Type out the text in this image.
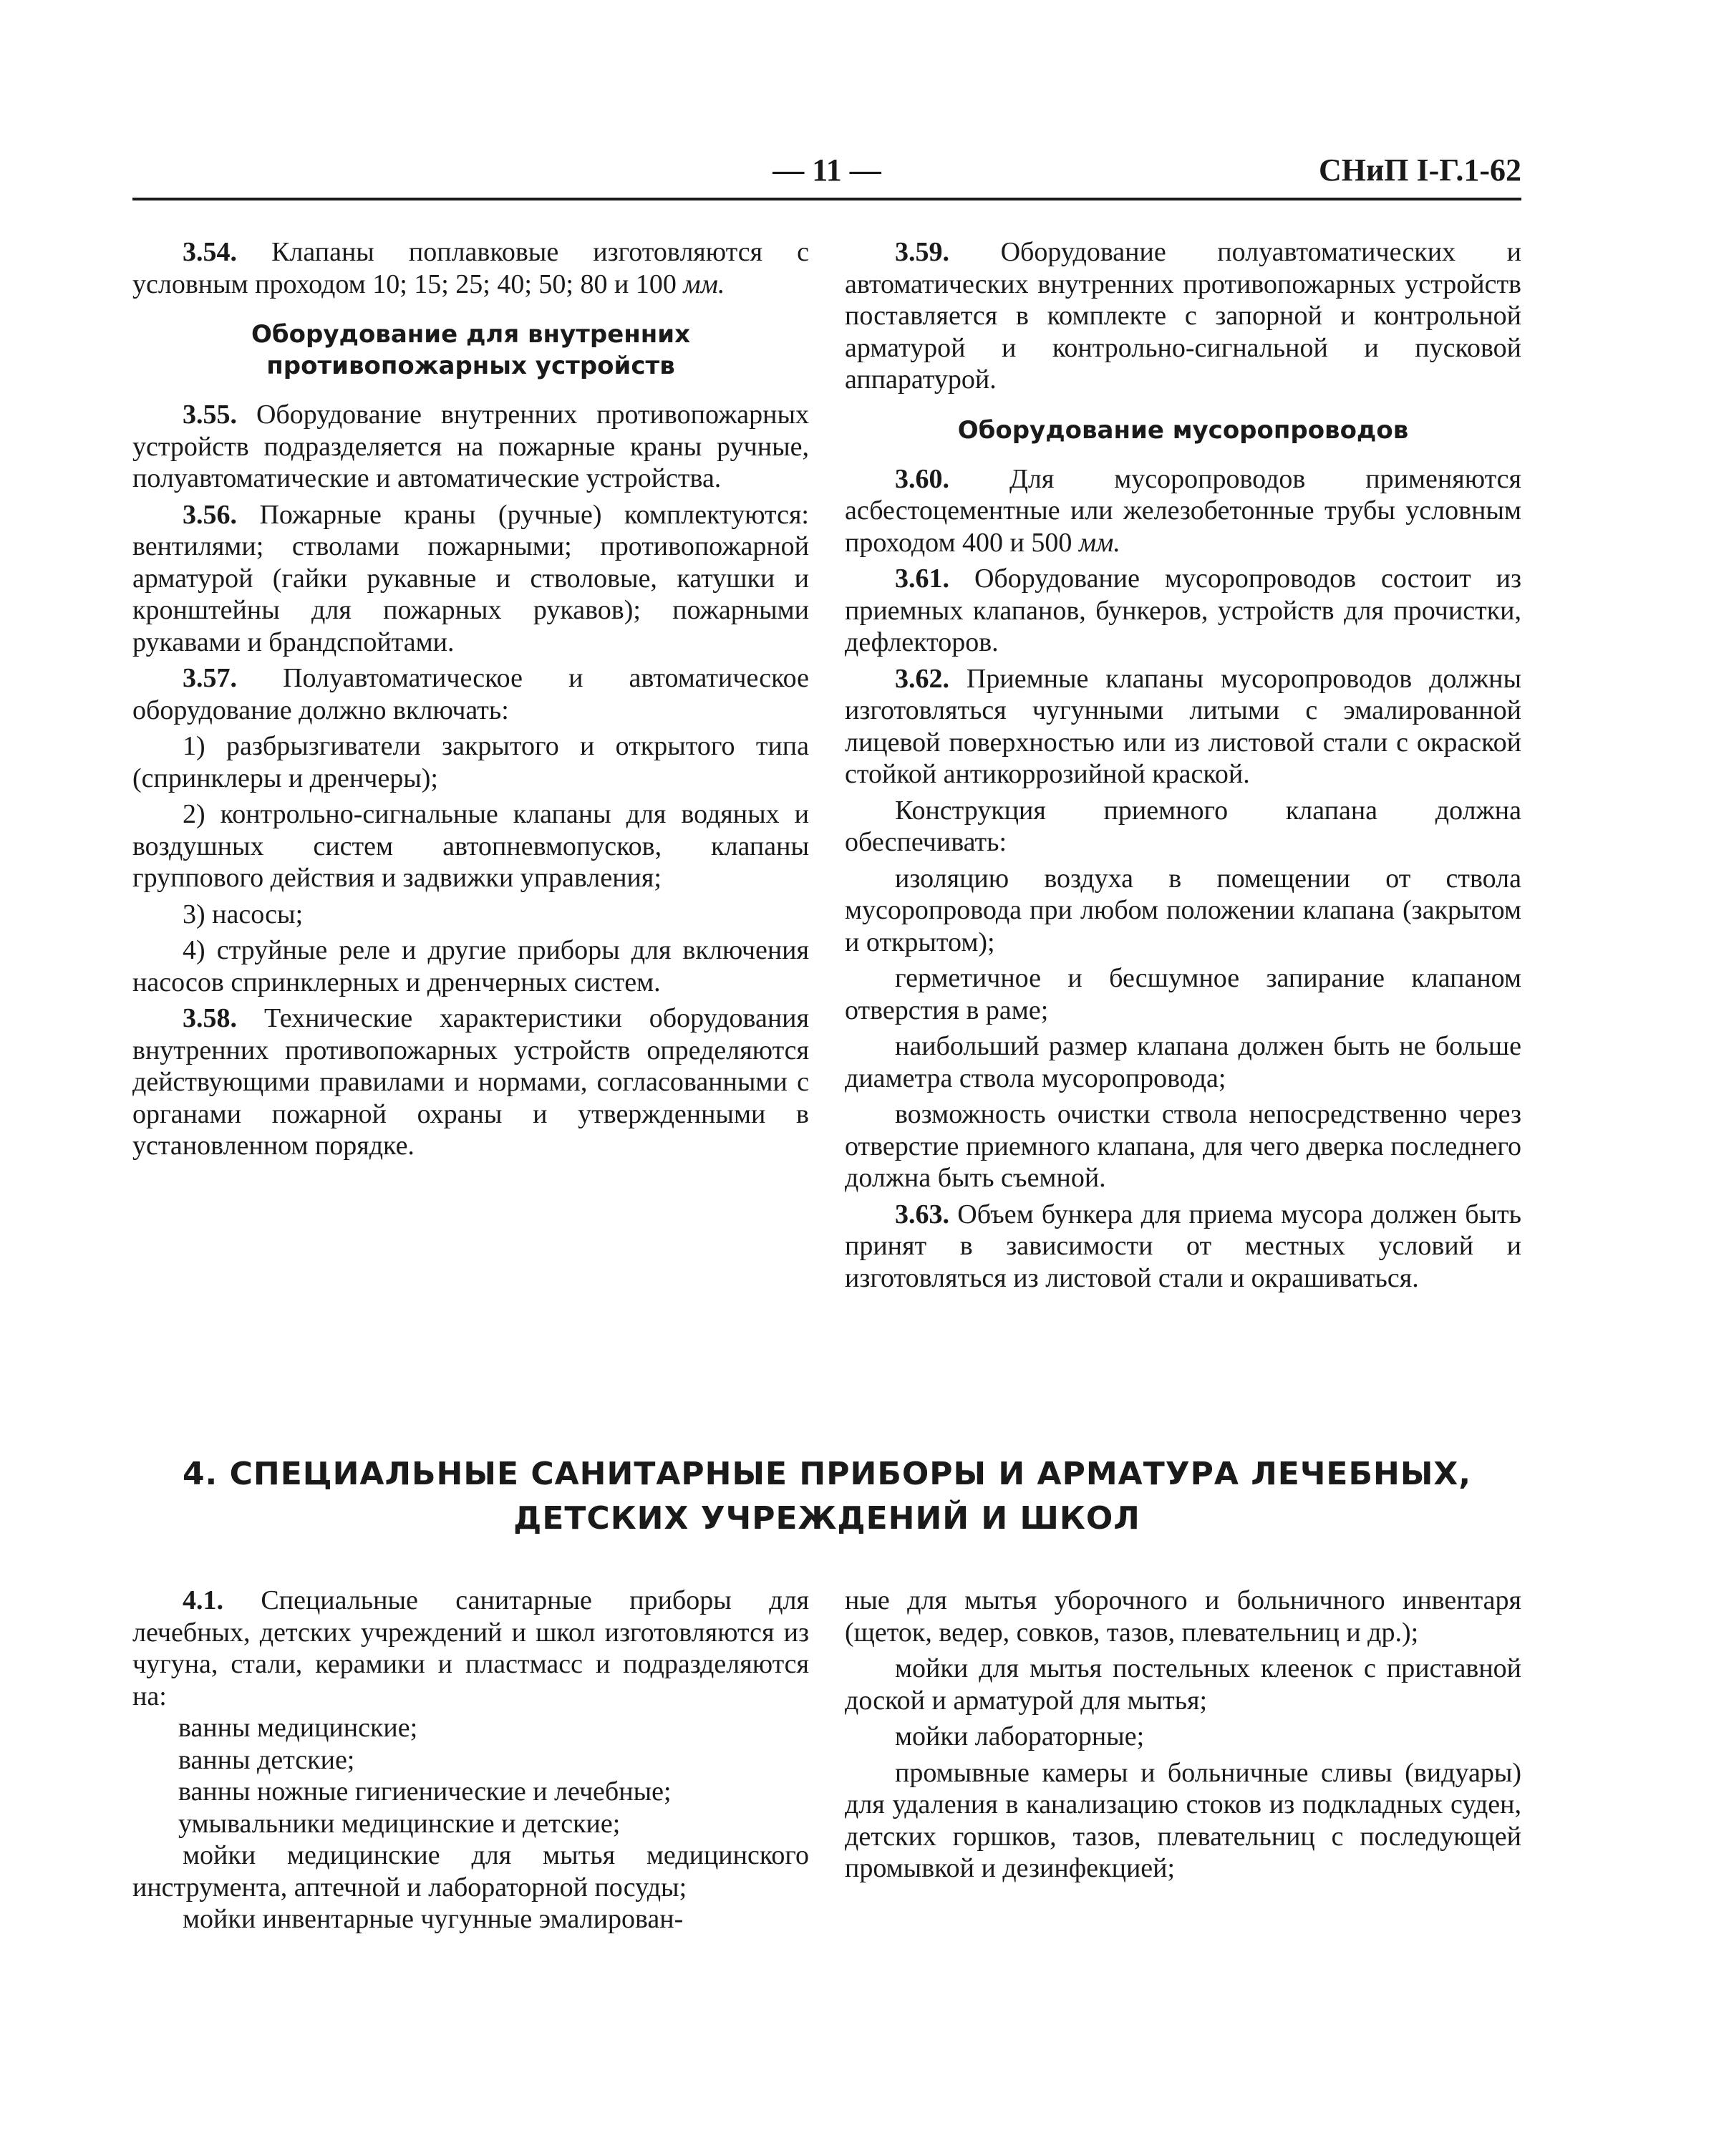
— 11 —	СНиП I-Г.1-62

3.54. Клапаны поплавковые изготовляются с условным проходом 10; 15; 25; 40; 50; 80 и 100 мм.

Оборудование для внутренних противопожарных устройств

3.55. Оборудование внутренних противопожарных устройств подразделяется на пожарные краны ручные, полуавтоматические и автоматические устройства.

3.56. Пожарные краны (ручные) комплектуются: вентилями; стволами пожарными; противопожарной арматурой (гайки рукавные и стволовые, катушки и кронштейны для пожарных рукавов); пожарными рукавами и брандспойтами.

3.57. Полуавтоматическое и автоматическое оборудование должно включать:

1) разбрызгиватели закрытого и открытого типа (спринклеры и дренчеры);

2) контрольно-сигнальные клапаны для водяных и воздушных систем автопневмопусков, клапаны группового действия и задвижки управления;

3) насосы;

4) струйные реле и другие приборы для включения насосов спринклерных и дренчерных систем.

3.58. Технические характеристики оборудования внутренних противопожарных устройств определяются действующими правилами и нормами, согласованными с органами пожарной охраны и утвержденными в установленном порядке.

3.59. Оборудование полуавтоматических и автоматических внутренних противопожарных устройств поставляется в комплекте с запорной и контрольной арматурой и контрольно-сигнальной и пусковой аппаратурой.

Оборудование мусоропроводов

3.60. Для мусоропроводов применяются асбестоцементные или железобетонные трубы условным проходом 400 и 500 мм.

3.61. Оборудование мусоропроводов состоит из приемных клапанов, бункеров, устройств для прочистки, дефлекторов.

3.62. Приемные клапаны мусоропроводов должны изготовляться чугунными литыми с эмалированной лицевой поверхностью или из листовой стали с окраской стойкой антикоррозийной краской.

Конструкция приемного клапана должна обеспечивать:

изоляцию воздуха в помещении от ствола мусоропровода при любом положении клапана (закрытом и открытом);

герметичное и бесшумное запирание клапаном отверстия в раме;

наибольший размер клапана должен быть не больше диаметра ствола мусоропровода;

возможность очистки ствола непосредственно через отверстие приемного клапана, для чего дверка последнего должна быть съемной.

3.63. Объем бункера для приема мусора должен быть принят в зависимости от местных условий и изготовляться из листовой стали и окрашиваться.

4. СПЕЦИАЛЬНЫЕ САНИТАРНЫЕ ПРИБОРЫ И АРМАТУРА ЛЕЧЕБНЫХ,
ДЕТСКИХ УЧРЕЖДЕНИЙ И ШКОЛ

4.1. Специальные санитарные приборы для лечебных, детских учреждений и школ изготовляются из чугуна, стали, керамики и пластмасс и подразделяются на:

ванны медицинские;

ванны детские;

ванны ножные гигиенические и лечебные;

умывальники медицинские и детские;

мойки медицинские для мытья медицинского инструмента, аптечной и лабораторной посуды;

мойки инвентарные чугунные эмалирован-

ные для мытья уборочного и больничного инвентаря (щеток, ведер, совков, тазов, плевательниц и др.);

мойки для мытья постельных клеенок с приставной доской и арматурой для мытья;

мойки лабораторные;

промывные камеры и больничные сливы (видуары) для удаления в канализацию стоков из подкладных суден, детских горшков, тазов, плевательниц с последующей промывкой и дезинфекцией;
